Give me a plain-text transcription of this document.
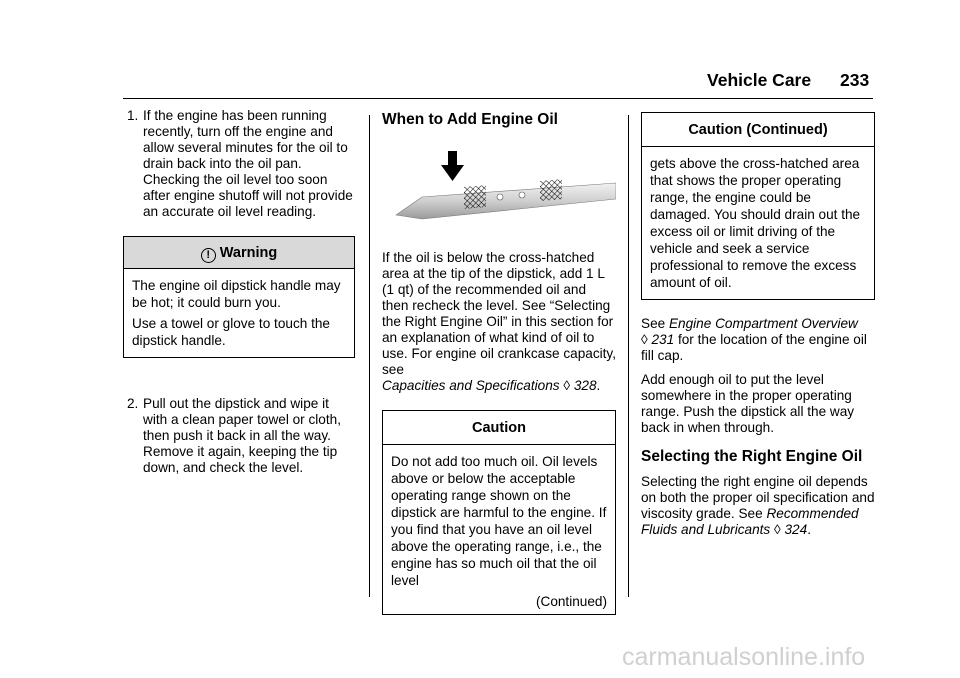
Vehicle Care 233
1. If the engine has been running recently, turn off the engine and allow several minutes for the oil to drain back into the oil pan. Checking the oil level too soon after engine shutoff will not provide an accurate oil level reading.
! Warning

The engine oil dipstick handle may be hot; it could burn you.

Use a towel or glove to touch the dipstick handle.

2. Pull out the dipstick and wipe it with a clean paper towel or cloth, then push it back in all the way. Remove it again, keeping the tip down, and check the level.
When to Add Engine Oil
If the oil is below the cross-hatched area at the tip of the dipstick, add 1 L (1 qt) of the recommended oil and then recheck the level. See “Selecting the Right Engine Oil” in this section for an explanation of what kind of oil to use. For engine oil crankcase capacity, see
Capacities and Specifications ◊ 328.
Caution

Do not add too much oil. Oil levels above or below the acceptable operating range shown on the dipstick are harmful to the engine. If you find that you have an oil level above the operating range, i.e., the engine has so much oil that the oil level

(Continued)

Caution (Continued)
gets above the cross-hatched area that shows the proper operating range, the engine could be damaged. You should drain out the excess oil or limit driving of the vehicle and seek a service professional to remove the excess amount of oil.
See Engine Compartment Overview
◊ 231 for the location of the engine oil fill cap.
Add enough oil to put the level somewhere in the proper operating range. Push the dipstick all the way back in when through.
Selecting the Right Engine Oil
Selecting the right engine oil depends on both the proper oil specification and viscosity grade. See Recommended Fluids and Lubricants ◊ 324.
carmanualsonline.info
